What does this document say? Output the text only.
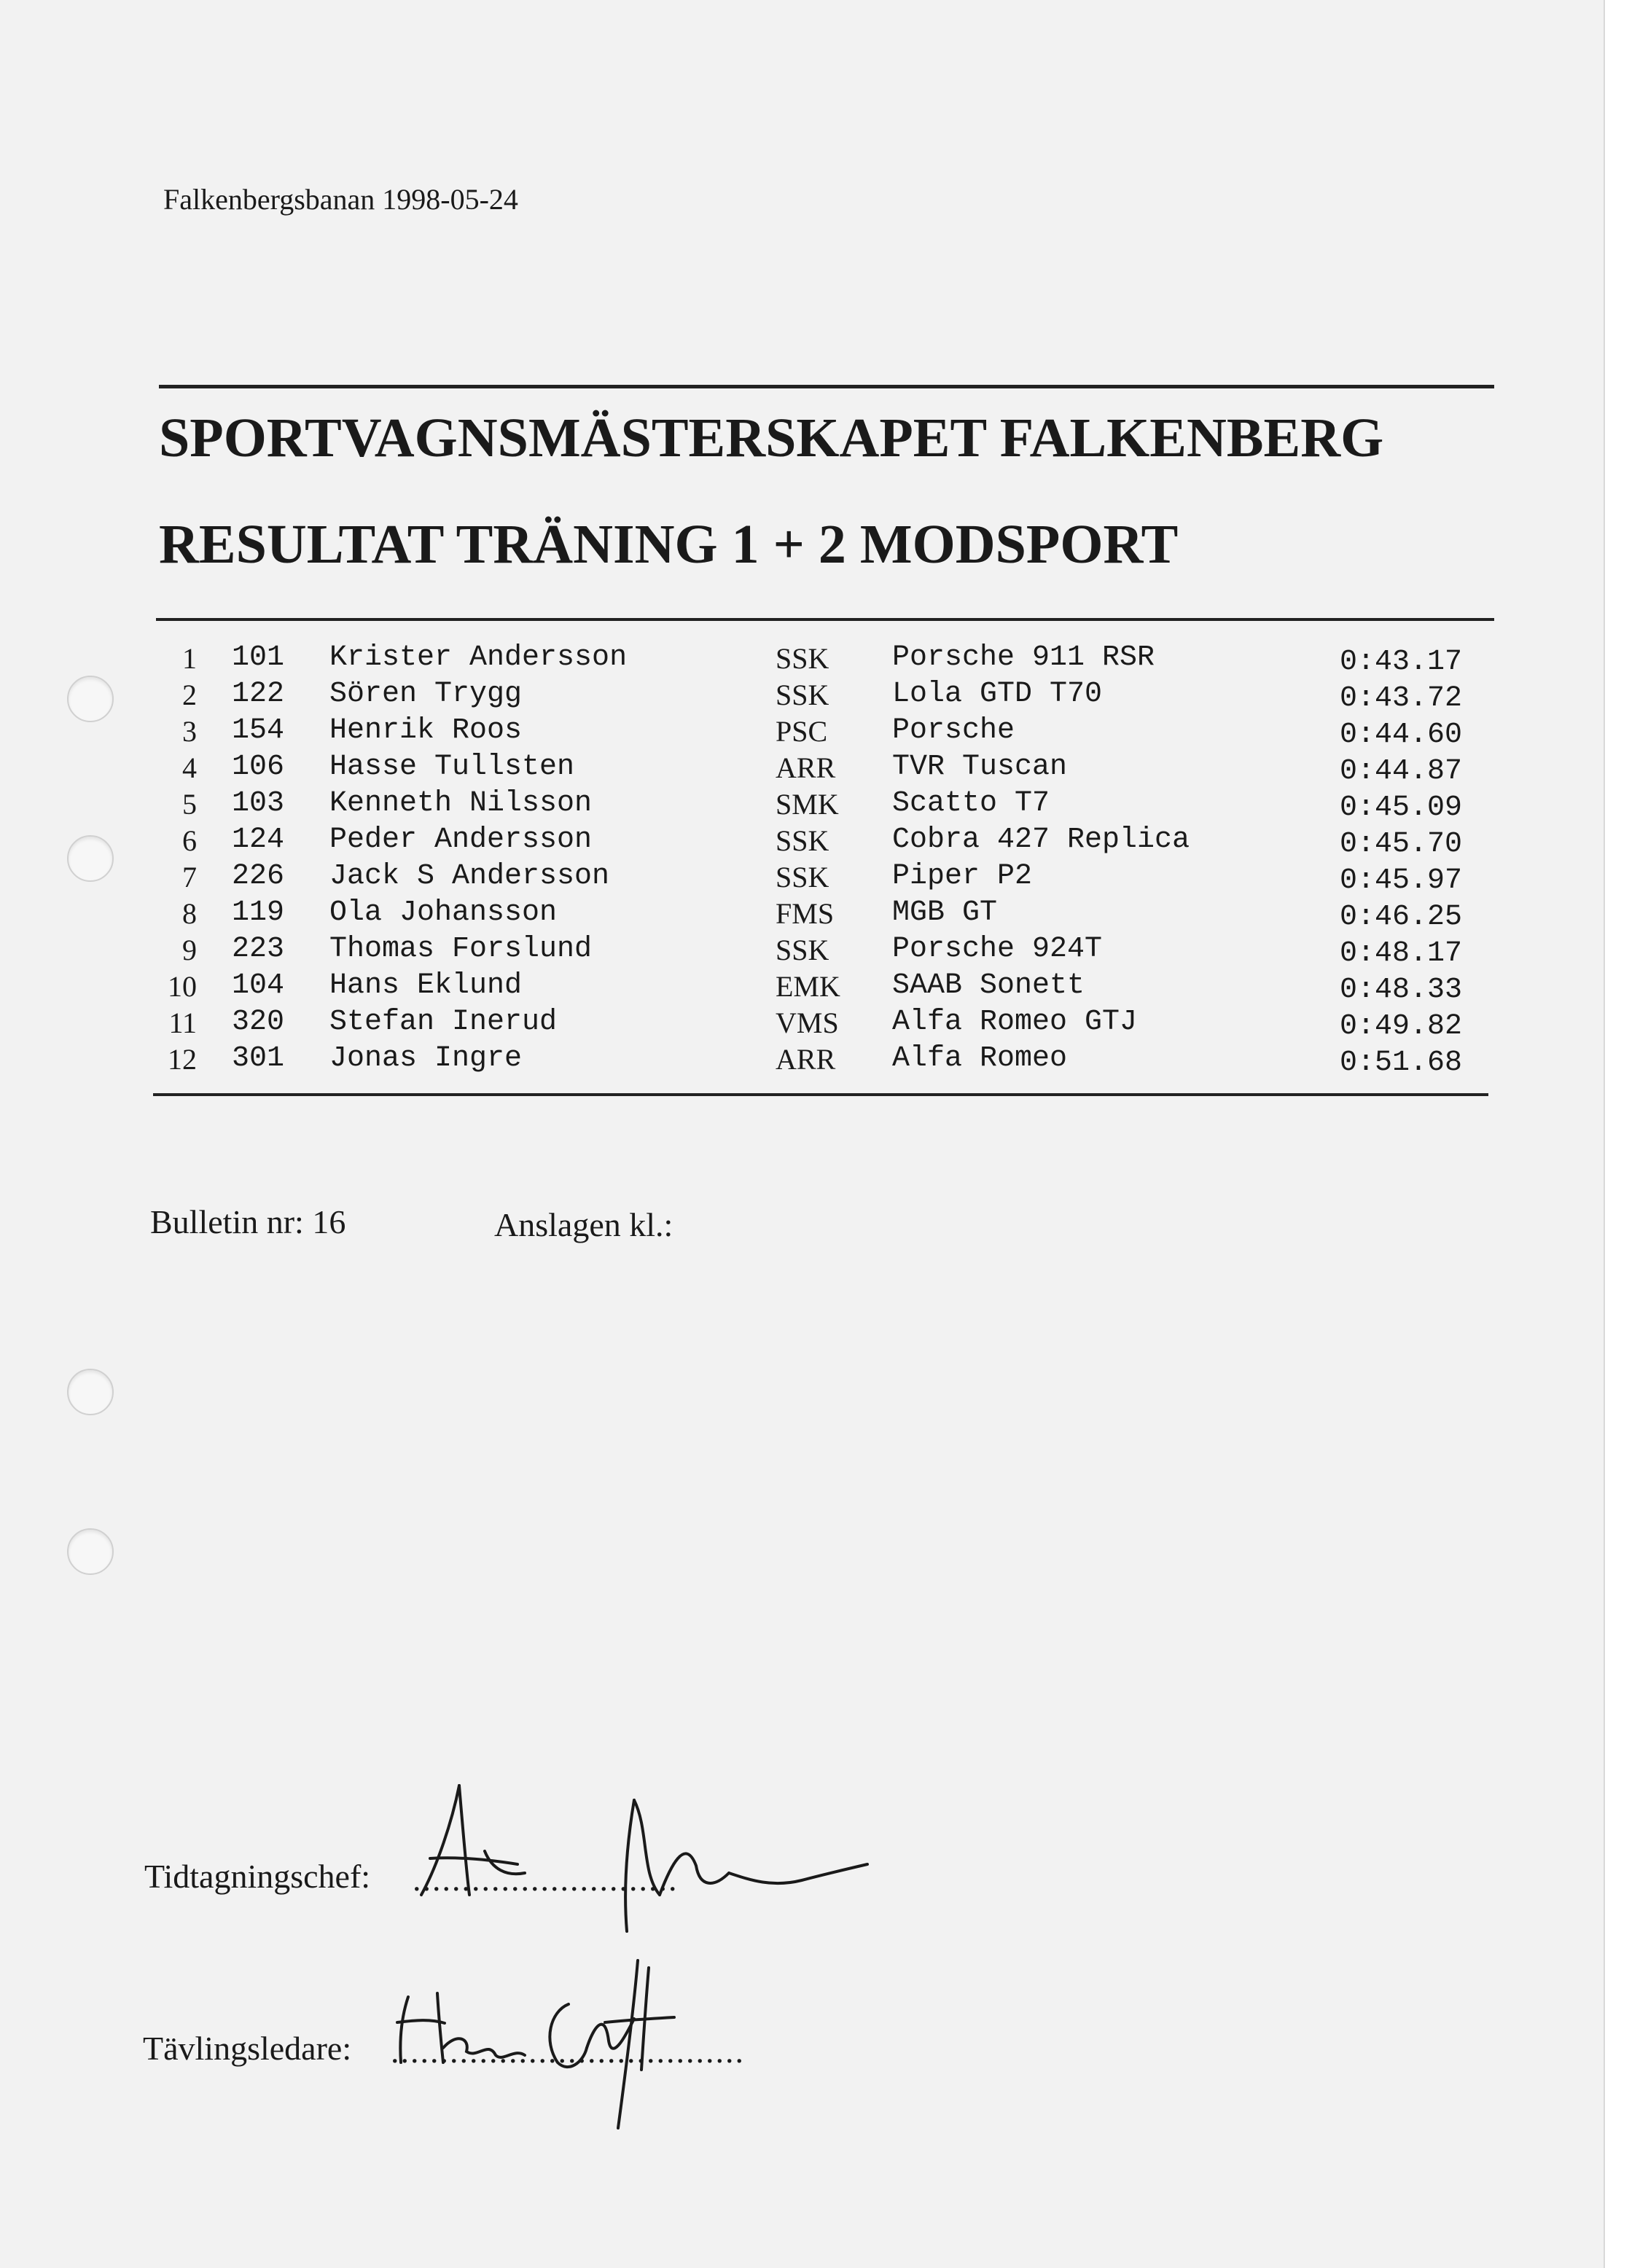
Falkenbergsbanan 1998-05-24
SPORTVAGNSMÄSTERSKAPET FALKENBERG
RESULTAT TRÄNING 1 + 2 MODSPORT
1 101 Krister Andersson	SSK Porsche 911 RSR	0:43.17
2 122 Sören Trygg	SSK Lola GTD T70	0:43.72
3 154 Henrik Roos	PSC Porsche	0:44.60
4 106 Hasse Tullsten	ARR TVR Tuscan	0:44.87
5 103 Kenneth Nilsson	SMK Scatto T7	0:45.09
6 124 Peder Andersson	SSK Cobra 427 Replica	0:45.70
7 226 Jack S Andersson	SSK Piper P2	0:45.97
8 119 Ola Johansson	FMS MGB GT	0:46.25
9 223 Thomas Forslund	SSK Porsche 924T	0:48.17
10 104 Hans Eklund	EMK SAAB Sonett	0:48.33
11 320 Stefan Inerud	VMS Alfa Romeo GTJ	0:49.82
12 301 Jonas Ingre	ARR Alfa Romeo	0:51.68
Bulletin nr: 16	Anslagen kl.:
Tidtagningschef: ...........................
Tävlingsledare: ....................................
